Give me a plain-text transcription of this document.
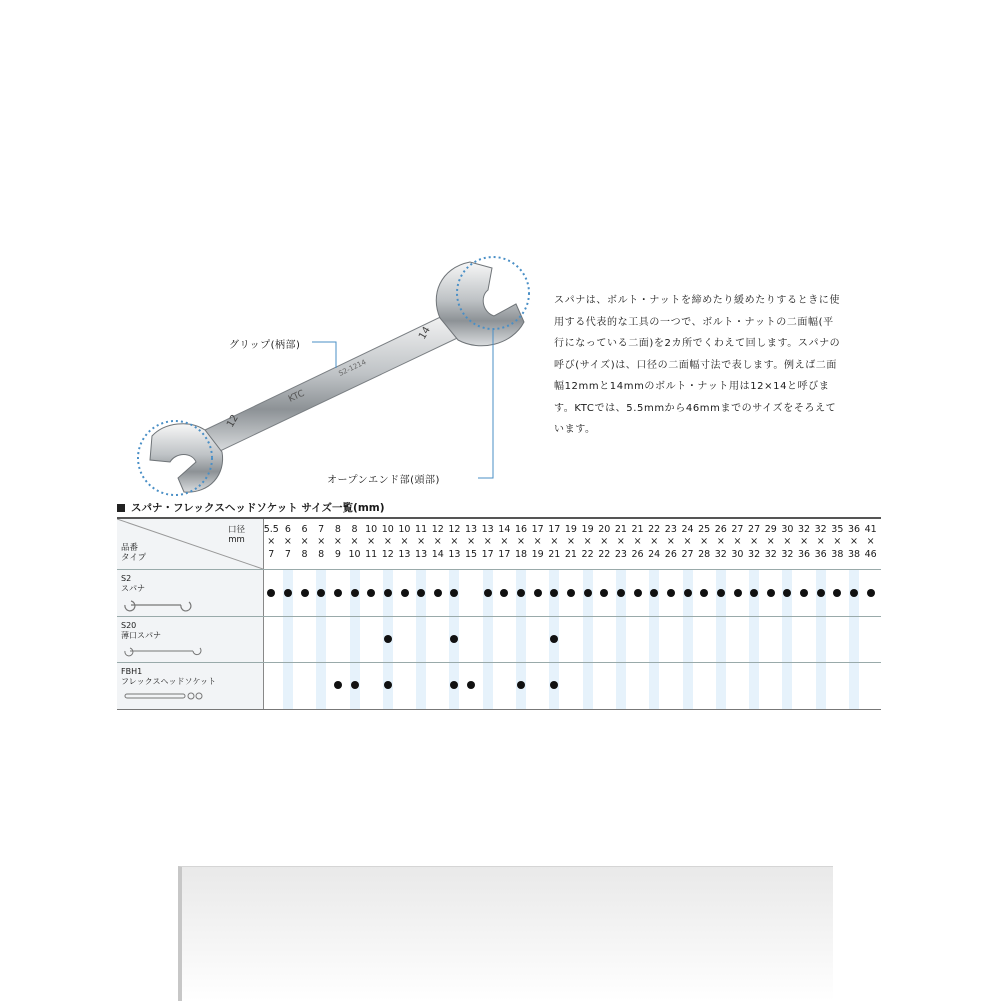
KTC
S2-1214
12
14
グリップ(柄部)
オープンエンド部(頭部)
スパナは、ボルト・ナットを締めたり緩めたりするときに使用する代表的な工具の一つで、ボルト・ナットの二面幅(平行になっている二面)を2カ所でくわえて回します。スパナの呼び(サイズ)は、口径の二面幅寸法で表します。例えば二面幅12mmと14mmのボルト・ナット用は12×14と呼びます。KTCでは、5.5mmから46mmまでのサイズをそろえています。
スパナ・フレックスヘッドソケット サイズ一覧(mm)
口径
mm
品番
タイプ
5.5
×
7
6
×
7
6
×
8
7
×
8
8
×
9
8
×
10
10
×
11
10
×
12
10
×
13
11
×
13
12
×
14
12
×
13
13
×
15
13
×
17
14
×
17
16
×
18
17
×
19
17
×
21
19
×
21
19
×
22
20
×
22
21
×
23
21
×
26
22
×
24
23
×
26
24
×
27
25
×
28
26
×
32
27
×
30
27
×
32
29
×
32
30
×
32
32
×
36
32
×
36
35
×
38
36
×
38
41
×
46
S2
スパナ
S20
薄口スパナ
FBH1
フレックスヘッドソケット
